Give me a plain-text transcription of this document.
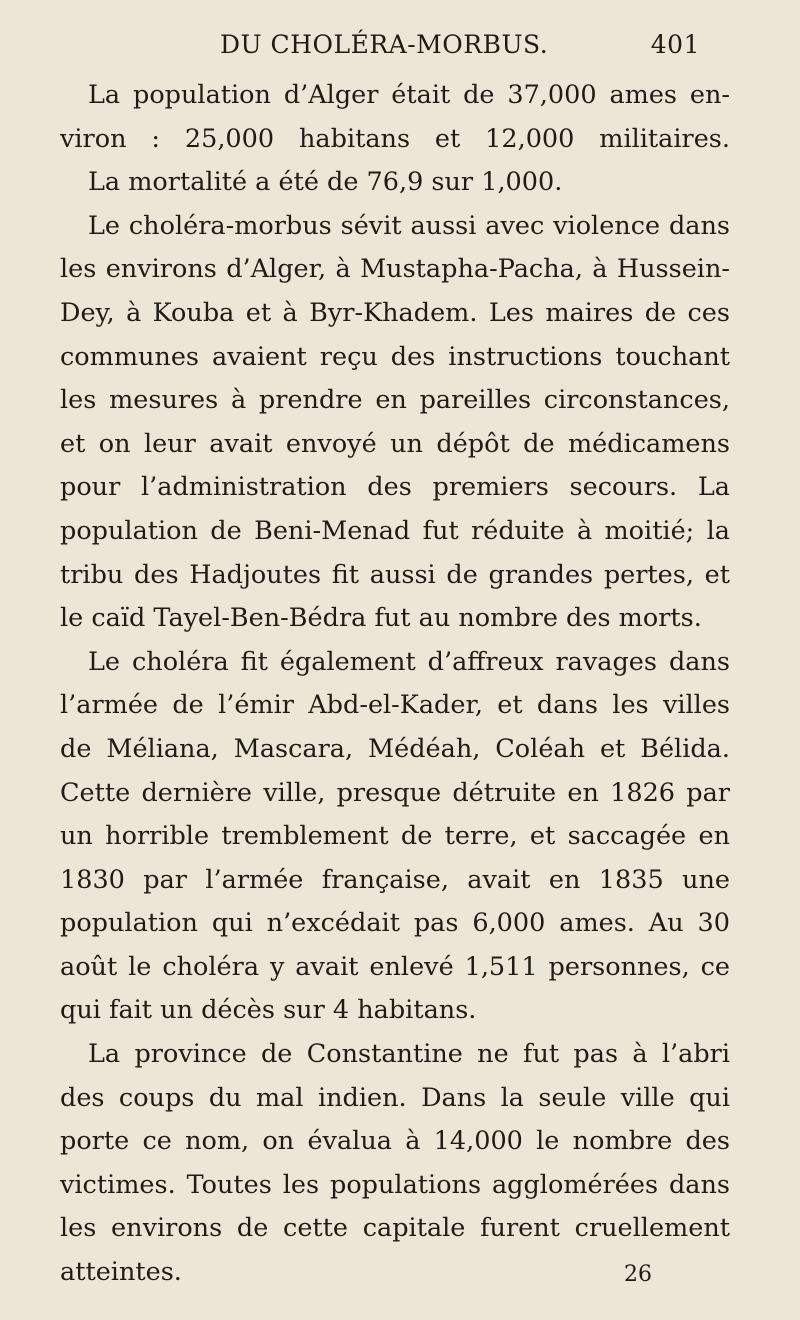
DU CHOLÉRA-MORBUS.	401
La population d’Alger était de 37,000 ames en-
viron : 25,000 habitans et 12,000 militaires.
La mortalité a été de 76,9 sur 1,000.
Le choléra-morbus sévit aussi avec violence dans
les environs d’Alger, à Mustapha-Pacha, à Hussein-
Dey, à Kouba et à Byr-Khadem. Les maires de ces
communes avaient reçu des instructions touchant
les mesures à prendre en pareilles circonstances,
et on leur avait envoyé un dépôt de médicamens
pour l’administration des premiers secours. La
population de Beni-Menad fut réduite à moitié; la
tribu des Hadjoutes fit aussi de grandes pertes, et
le caïd Tayel-Ben-Bédra fut au nombre des morts.
Le choléra fit également d’affreux ravages dans
l’armée de l’émir Abd-el-Kader, et dans les villes
de Méliana, Mascara, Médéah, Coléah et Bélida.
Cette dernière ville, presque détruite en 1826 par
un horrible tremblement de terre, et saccagée en
1830 par l’armée française, avait en 1835 une
population qui n’excédait pas 6,000 ames. Au 30
août le choléra y avait enlevé 1,511 personnes, ce
qui fait un décès sur 4 habitans.
La province de Constantine ne fut pas à l’abri
des coups du mal indien. Dans la seule ville qui
porte ce nom, on évalua à 14,000 le nombre des
victimes. Toutes les populations agglomérées dans
les environs de cette capitale furent cruellement
atteintes.	26
